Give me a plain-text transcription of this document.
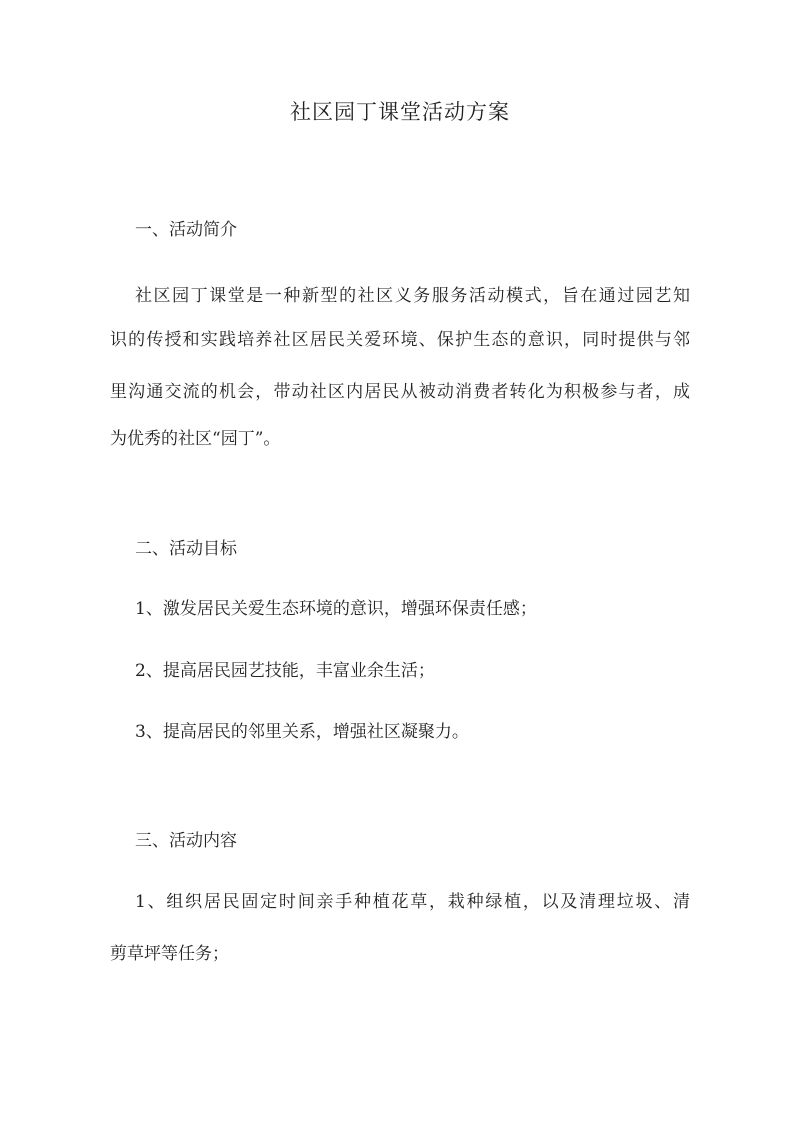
社区园丁课堂活动方案
一、活动简介
社区园丁课堂是一种新型的社区义务服务活动模式，旨在通过园艺知
识的传授和实践培养社区居民关爱环境、保护生态的意识，同时提供与邻
里沟通交流的机会，带动社区内居民从被动消费者转化为积极参与者，成
为优秀的社区“园丁”。
二、活动目标
1、激发居民关爱生态环境的意识，增强环保责任感；
2、提高居民园艺技能，丰富业余生活；
3、提高居民的邻里关系，增强社区凝聚力。
三、活动内容
1、组织居民固定时间亲手种植花草，栽种绿植，以及清理垃圾、清
剪草坪等任务；
